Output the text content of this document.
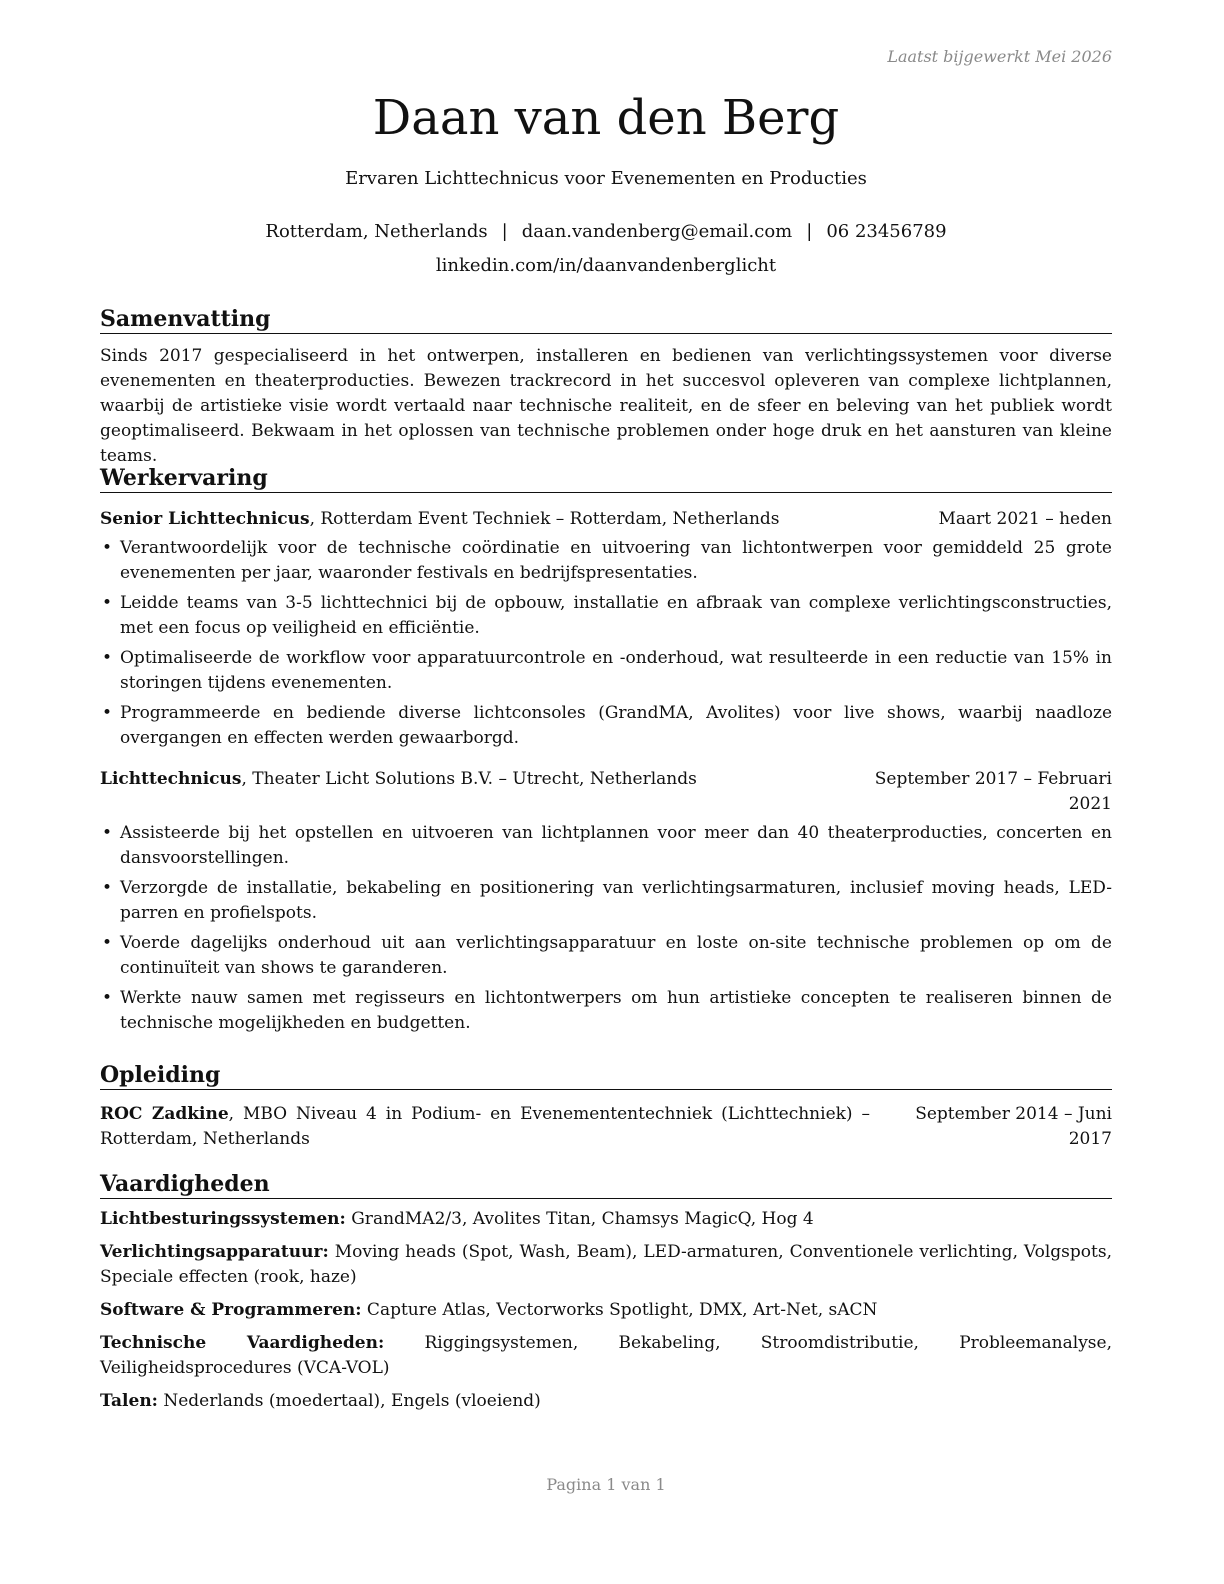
Laatst bijgewerkt Mei 2026
Daan van den Berg
Ervaren Lichttechnicus voor Evenementen en Producties
Rotterdam, Netherlands | daan.vandenberg@email.com | 06 23456789
linkedin.com/in/daanvandenberglicht
Samenvatting
Sinds 2017 gespecialiseerd in het ontwerpen, installeren en bedienen van verlichtingssystemen voor diverse evenementen en theaterproducties. Bewezen trackrecord in het succesvol opleveren van complexe lichtplannen, waarbij de artistieke visie wordt vertaald naar technische realiteit, en de sfeer en beleving van het publiek wordt geoptimaliseerd. Bekwaam in het oplossen van technische problemen onder hoge druk en het aansturen van kleine teams.
Werkervaring
Senior Lichttechnicus, Rotterdam Event Techniek – Rotterdam, Netherlands	Maart 2021 – heden
• Verantwoordelijk voor de technische coördinatie en uitvoering van lichtontwerpen voor gemiddeld 25 grote evenementen per jaar, waaronder festivals en bedrijfspresentaties.
• Leidde teams van 3-5 lichttechnici bij de opbouw, installatie en afbraak van complexe verlichtingsconstructies, met een focus op veiligheid en efficiëntie.
• Optimaliseerde de workflow voor apparatuurcontrole en -onderhoud, wat resulteerde in een reductie van 15% in storingen tijdens evenementen.
• Programmeerde en bediende diverse lichtconsoles (GrandMA, Avolites) voor live shows, waarbij naadloze overgangen en effecten werden gewaarborgd.
Lichttechnicus, Theater Licht Solutions B.V. – Utrecht, Netherlands	September 2017 – Februari 2021
• Assisteerde bij het opstellen en uitvoeren van lichtplannen voor meer dan 40 theaterproducties, concerten en dansvoorstellingen.
• Verzorgde de installatie, bekabeling en positionering van verlichtingsarmaturen, inclusief moving heads, LED-parren en profielspots.
• Voerde dagelijks onderhoud uit aan verlichtingsapparatuur en loste on-site technische problemen op om de continuïteit van shows te garanderen.
• Werkte nauw samen met regisseurs en lichtontwerpers om hun artistieke concepten te realiseren binnen de technische mogelijkheden en budgetten.
Opleiding
ROC Zadkine, MBO Niveau 4 in Podium- en Evenemententechniek (Lichttechniek) – Rotterdam, Netherlands
September 2014 – Juni 2017
Vaardigheden
Lichtbesturingssystemen: GrandMA2/3, Avolites Titan, Chamsys MagicQ, Hog 4
Verlichtingsapparatuur: Moving heads (Spot, Wash, Beam), LED-armaturen, Conventionele verlichting, Volgspots, Speciale effecten (rook, haze)
Software & Programmeren: Capture Atlas, Vectorworks Spotlight, DMX, Art-Net, sACN
Technische Vaardigheden: Riggingsystemen, Bekabeling, Stroomdistributie, Probleemanalyse, Veiligheidsprocedures (VCA-VOL)
Talen: Nederlands (moedertaal), Engels (vloeiend)
Pagina 1 van 1
